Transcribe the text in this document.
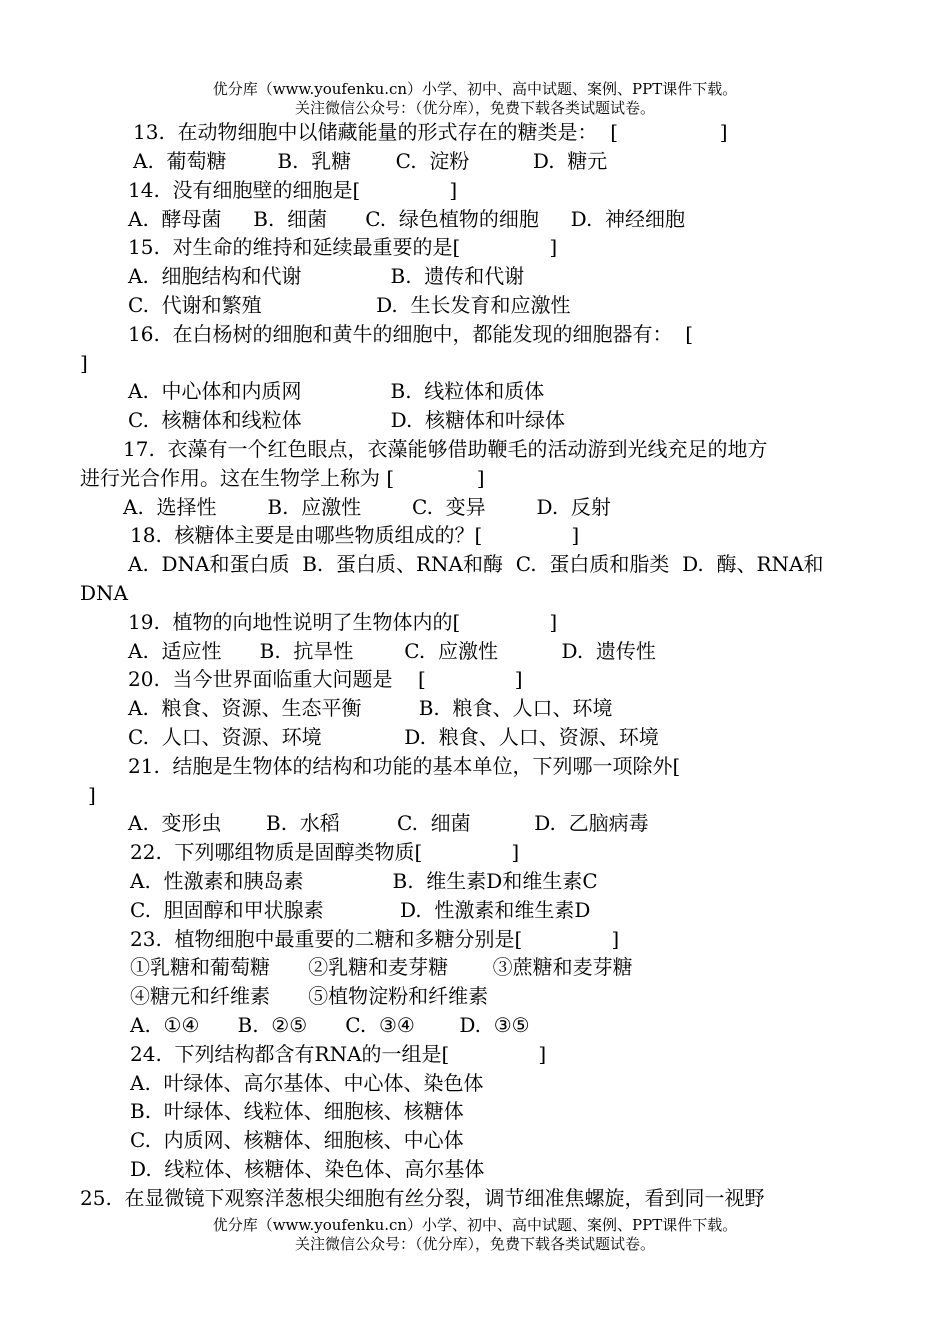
优分库（www.youfenku.cn）小学、初中、高中试题、案例、PPT课件下载。
关注微信公众号：（优分库），免费下载各类试题试卷。
13.  在动物细胞中以储藏能量的形式存在的糖类是：  [                ]
A.  葡萄糖        B.  乳糖       C.  淀粉          D.  糖元
14.  没有细胞壁的细胞是[              ]
A.  酵母菌     B.  细菌      C.  绿色植物的细胞     D.  神经细胞
15.  对生命的维持和延续最重要的是[              ]
A.  细胞结构和代谢              B.  遗传和代谢
C.  代谢和繁殖                  D.  生长发育和应激性
16.  在白杨树的细胞和黄牛的细胞中，都能发现的细胞器有：  [
]
A.  中心体和内质网              B.  线粒体和质体
C.  核糖体和线粒体              D.  核糖体和叶绿体
17.  衣藻有一个红色眼点，衣藻能够借助鞭毛的活动游到光线充足的地方
进行光合作用。这在生物学上称为 [             ]
A.  选择性        B.  应激性        C.  变异        D.  反射
18.  核糖体主要是由哪些物质组成的？[              ]
A.  DNA和蛋白质  B.  蛋白质、RNA和酶  C.  蛋白质和脂类  D.  酶、RNA和
DNA
19.  植物的向地性说明了生物体内的[              ]
A.  适应性      B.  抗旱性        C.  应激性          D.  遗传性
20.  当今世界面临重大问题是    [              ]
A.  粮食、资源、生态平衡         B.  粮食、人口、环境
C.  人口、资源、环境             D.  粮食、人口、资源、环境
21.  结胞是生物体的结构和功能的基本单位，下列哪一项除外[
]
A.  变形虫       B.  水稻         C.  细菌          D.  乙脑病毒
22.  下列哪组物质是固醇类物质[              ]
A.  性激素和胰岛素              B.  维生素D和维生素C
C.  胆固醇和甲状腺素            D.  性激素和维生素D
23.  植物细胞中最重要的二糖和多糖分别是[              ]
①乳糖和葡萄糖      ②乳糖和麦芽糖       ③蔗糖和麦芽糖
④糖元和纤维素      ⑤植物淀粉和纤维素
A.  ①④      B.  ②⑤      C.  ③④       D.  ③⑤
24.  下列结构都含有RNA的一组是[              ]
A.  叶绿体、高尔基体、中心体、染色体
B.  叶绿体、线粒体、细胞核、核糖体
C.  内质网、核糖体、细胞核、中心体
D.  线粒体、核糖体、染色体、高尔基体
25.  在显微镜下观察洋葱根尖细胞有丝分裂，调节细准焦螺旋，看到同一视野
优分库（www.youfenku.cn）小学、初中、高中试题、案例、PPT课件下载。
关注微信公众号：（优分库），免费下载各类试题试卷。
